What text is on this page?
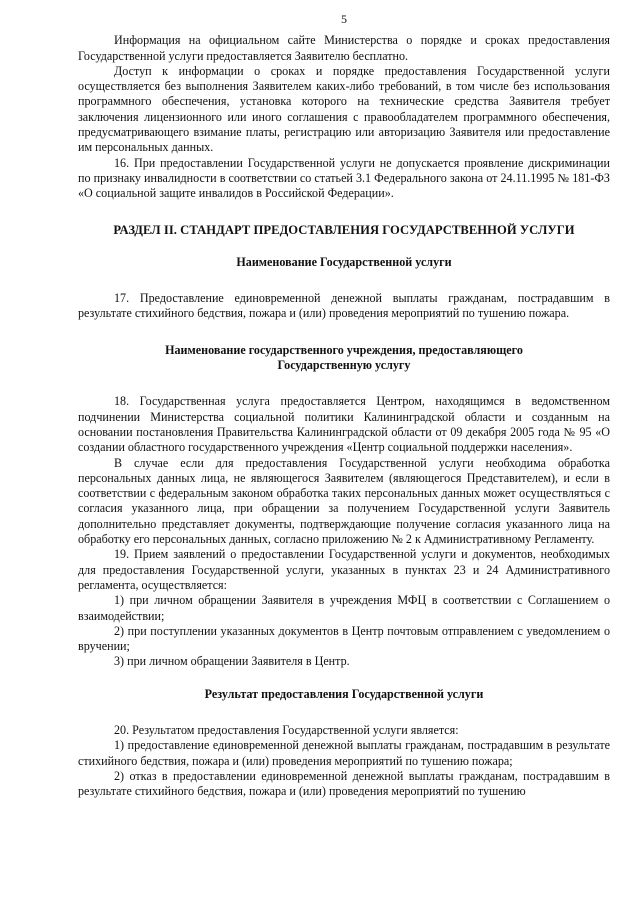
5

Информация на официальном сайте Министерства о порядке и сроках предоставления Государственной услуги предоставляется Заявителю бесплатно.

Доступ к информации о сроках и порядке предоставления Государственной услуги осуществляется без выполнения Заявителем каких-либо требований, в том числе без использования программного обеспечения, установка которого на технические средства Заявителя требует заключения лицензионного или иного соглашения с правообладателем программного обеспечения, предусматривающего взимание платы, регистрацию или авторизацию Заявителя или предоставление им персональных данных.

16. При предоставлении Государственной услуги не допускается проявление дискриминации по признаку инвалидности в соответствии со статьей 3.1 Федерального закона от 24.11.1995 № 181-ФЗ «О социальной защите инвалидов в Российской Федерации».

РАЗДЕЛ II. СТАНДАРТ ПРЕДОСТАВЛЕНИЯ ГОСУДАРСТВЕННОЙ УСЛУГИ

Наименование Государственной услуги

17. Предоставление единовременной денежной выплаты гражданам, пострадавшим в результате стихийного бедствия, пожара и (или) проведения мероприятий по тушению пожара.

Наименование государственного учреждения, предоставляющего
Государственную услугу

18. Государственная услуга предоставляется Центром, находящимся в ведомственном подчинении Министерства социальной политики Калининградской области и созданным на основании постановления Правительства Калининградской области от 09 декабря 2005 года № 95 «О создании областного государственного учреждения «Центр социальной поддержки населения».

В случае если для предоставления Государственной услуги необходима обработка персональных данных лица, не являющегося Заявителем (являющегося Представителем), и если в соответствии с федеральным законом обработка таких персональных данных может осуществляться с согласия указанного лица, при обращении за получением Государственной услуги Заявитель дополнительно представляет документы, подтверждающие получение согласия указанного лица на обработку его персональных данных, согласно приложению № 2 к Административному Регламенту.

19. Прием заявлений о предоставлении Государственной услуги и документов, необходимых для предоставления Государственной услуги, указанных в пунктах 23 и 24 Административного регламента, осуществляется:

1) при личном обращении Заявителя в учреждения МФЦ в соответствии с Соглашением о взаимодействии;

2) при поступлении указанных документов в Центр почтовым отправлением с уведомлением о вручении;

3) при личном обращении Заявителя в Центр.

Результат предоставления Государственной услуги

20. Результатом предоставления Государственной услуги является:

1) предоставление единовременной денежной выплаты гражданам, пострадавшим в результате стихийного бедствия, пожара и (или) проведения мероприятий по тушению пожара;

2) отказ в предоставлении единовременной денежной выплаты гражданам, пострадавшим в результате стихийного бедствия, пожара и (или) проведения мероприятий по тушению
